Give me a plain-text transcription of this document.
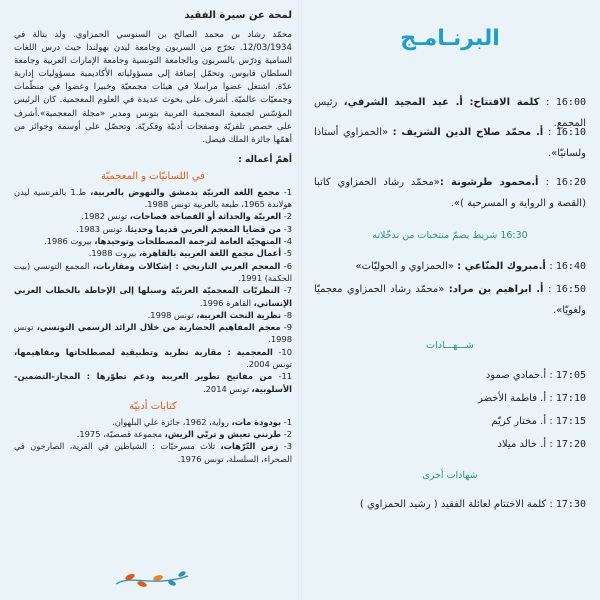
البرنـامـج
16:00 : كلمة الافتتاح: أ. عبد المجيد الشرفي، رئيس المجمع.
16:10 : أ. محمّد صلاح الدين الشريف : «الحمزاوي أستاذا ولسانيّا».
16:20 : أ.محمود طرشونة :«محمّد رشاد الحمزاوي كاتبا (القصة و الرواية و المسرحية )».
16:30 شريط يضمّ منتخبات من تدخّلاته
16:40 : أ.مبروك المنّاعي : «الحمزاوي و الحوليّات»
16:50 : أ. ابراهيم بن مراد: «محمّد رشاد الحمزاوي معجميّا ولغويّا».
شـــهـــادات
17:05 : أ.حمادي صمود
17:10 : أ. فاطمة الأخضر
17:15 : أ. مختار كريّم
17:20 : أ. خالد ميلاد
شهادات أخرى
17:30 : كلمة الاختتام لعائلة الفقيد ( رشيد الحمزاوي )
لمحة عن سيرة الفقيد

محمّد رشاد بن محمد الصالح بن السنوسي الحمزاوي. ولد بتالة في 12/03/1934. تخرّج من السربون وجامعة ليدن بهولندا حيث درس اللغات السامية ودرّس بالسربون وبالجامعة التونسية وجامعة الإمارات العربية وجامعة السلطان قابوس. وتحمّل إضافة إلى مسؤولياته الأكاديمية مسؤوليات إدارية عدّة. اشتغل عضوا مراسلا في هيئات مجمعيّة وخبيرا وعضوا في منظّمات وجمعيّات عالميّة. أشرف على بحوث عديدة في العلوم المعجمية. كان الرئيس المؤسّس لجمعية المعجمية العربية بتونس ومدير «مجلة المعجمية».أشرف على حصص تلفزيّة وصفحات أدبيّة وفكريّة. وتحصّل على أوسمة وجوائز من أهمّها جائزة الملك فيصل.

أهمّ أعماله :
في اللسانيّات و المعجميّة
1- مجمع اللغة العربيّة بدمشق والنهوض بالعربية، ط.1 بالفرنسية ليدن هولاندة 1965، طبعة بالعربية تونس 1988.
2- العربيّة والحداثة أو الفصاحة فصاحات، تونس 1982.
3- من قضايا المعجم العربي قديما وحديثا، تونس 1983.
4- المنهجيّة العامة لترجمة المصطلحات وتوحيدها، بيروت 1986.
5- أعمال مجمع اللغة العربية بالقاهرة، بيروت 1988.
6- المعجم العربي التاريخي : إشكالات ومقاربات، المجمع التونسي (بيت الحكمة) 1991.
7- النظريّات المعجميّة العربيّة وسبلها إلى الإحاطة بالخطاب العربي الإنساني، القاهرة 1996.
8- نظرية النحت العربية، تونس 1998.
9- معجم المفاهيم الحضارية من خلال الرائد الرسمي التونسي، تونس 1998.
10- المعجمية : مقاربة نظرية وتطبيقية لمصطلحاتها ومفاهيمها، تونس 2004.
11- من مفاتيح تطوير العربية ودعم تطوّرها : المجاز-التضمين-الأسلوبية، تونس 2014.
كتابات أدبيّة
1- بودودة مات، رواية، 1962، جائزة علي البلهوان.
2- طرنني تعيش و تربّي الريش، مجموعة قصصيّة، 1975.
3- زمن التّرّهات، ثلاث مسرحيّات : الشياطين في القرية، الصارخون في الصحراء، السلسلة، تونس 1976.
